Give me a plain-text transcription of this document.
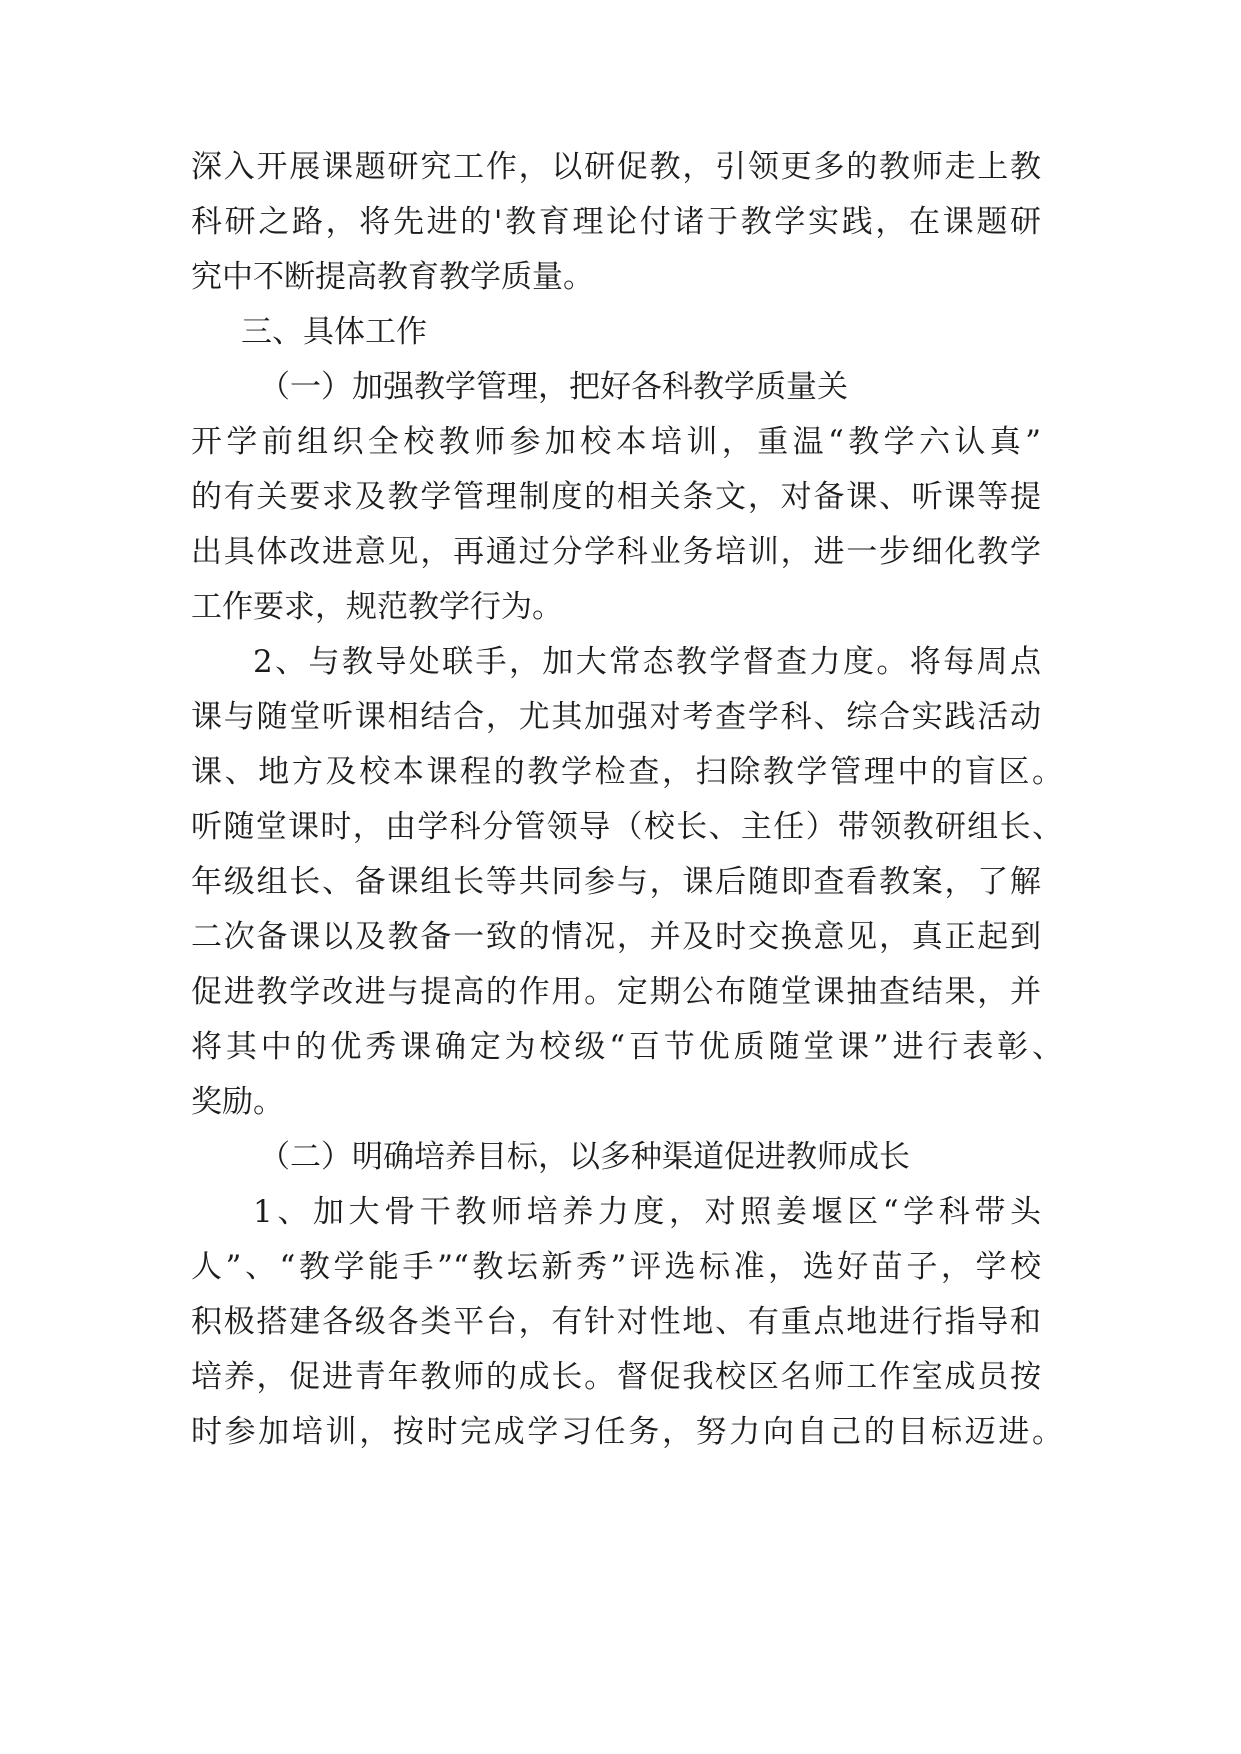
深入开展课题研究工作，以研促教，引领更多的教师走上教

科研之路，将先进的'教育理论付诸于教学实践，在课题研

究中不断提高教育教学质量。

三、具体工作

（一）加强教学管理，把好各科教学质量关

开学前组织全校教师参加校本培训，重温“教学六认真”

的有关要求及教学管理制度的相关条文，对备课、听课等提

出具体改进意见，再通过分学科业务培训，进一步细化教学

工作要求，规范教学行为。

2、与教导处联手，加大常态教学督查力度。将每周点

课与随堂听课相结合，尤其加强对考查学科、综合实践活动

课、地方及校本课程的教学检查，扫除教学管理中的盲区。

听随堂课时，由学科分管领导（校长、主任）带领教研组长、

年级组长、备课组长等共同参与，课后随即查看教案，了解

二次备课以及教备一致的情况，并及时交换意见，真正起到

促进教学改进与提高的作用。定期公布随堂课抽查结果，并

将其中的优秀课确定为校级“百节优质随堂课”进行表彰、

奖励。

（二）明确培养目标，以多种渠道促进教师成长

1、加大骨干教师培养力度，对照姜堰区“学科带头

人”、“教学能手”“教坛新秀”评选标准，选好苗子，学校

积极搭建各级各类平台，有针对性地、有重点地进行指导和

培养，促进青年教师的成长。督促我校区名师工作室成员按

时参加培训，按时完成学习任务，努力向自己的目标迈进。
